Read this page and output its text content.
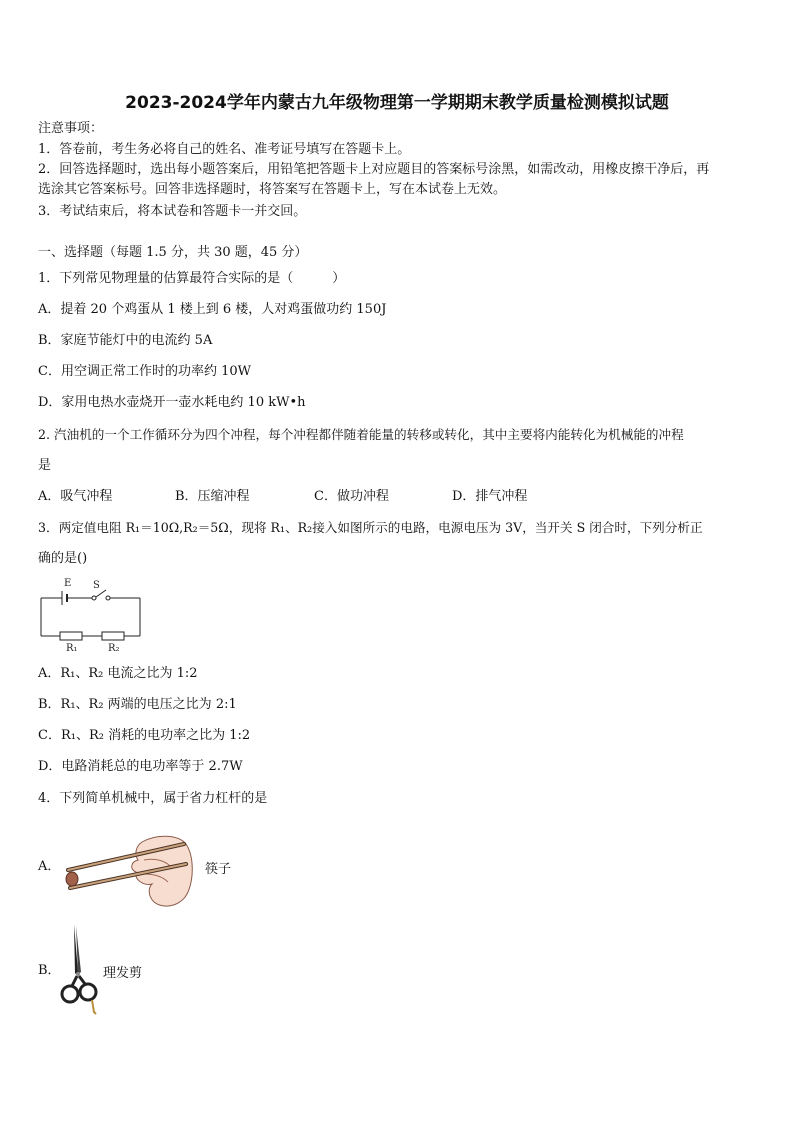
2023-2024学年内蒙古九年级物理第一学期期末教学质量检测模拟试题
注意事项：
1．答卷前，考生务必将自己的姓名、准考证号填写在答题卡上。
2．回答选择题时，选出每小题答案后，用铅笔把答题卡上对应题目的答案标号涂黑，如需改动，用橡皮擦干净后，再
选涂其它答案标号。回答非选择题时，将答案写在答题卡上，写在本试卷上无效。
3．考试结束后，将本试卷和答题卡一并交回。
一、选择题（每题 1.5 分，共 30 题，45 分）
1．下列常见物理量的估算最符合实际的是（　　　）
A．提着 20 个鸡蛋从 1 楼上到 6 楼，人对鸡蛋做功约 150J
B．家庭节能灯中的电流约 5A
C．用空调正常工作时的功率约 10W
D．家用电热水壶烧开一壶水耗电约 10 kW•h
2. 汽油机的一个工作循环分为四个冲程，每个冲程都伴随着能量的转移或转化，其中主要将内能转化为机械能的冲程
是
A．吸气冲程	B．压缩冲程	C．做功冲程	D．排气冲程
3．两定值电阻 R₁＝10Ω,R₂＝5Ω，现将 R₁、R₂接入如图所示的电路，电源电压为 3V，当开关 S 闭合时，下列分析正
确的是()
E S
R₁	R₂
A．R₁、R₂ 电流之比为 1:2
B．R₁、R₂ 两端的电压之比为 2:1
C．R₁、R₂ 消耗的电功率之比为 1:2
D．电路消耗总的电功率等于 2.7W
4．下列简单机械中，属于省力杠杆的是
A．	筷子
B．	理发剪
